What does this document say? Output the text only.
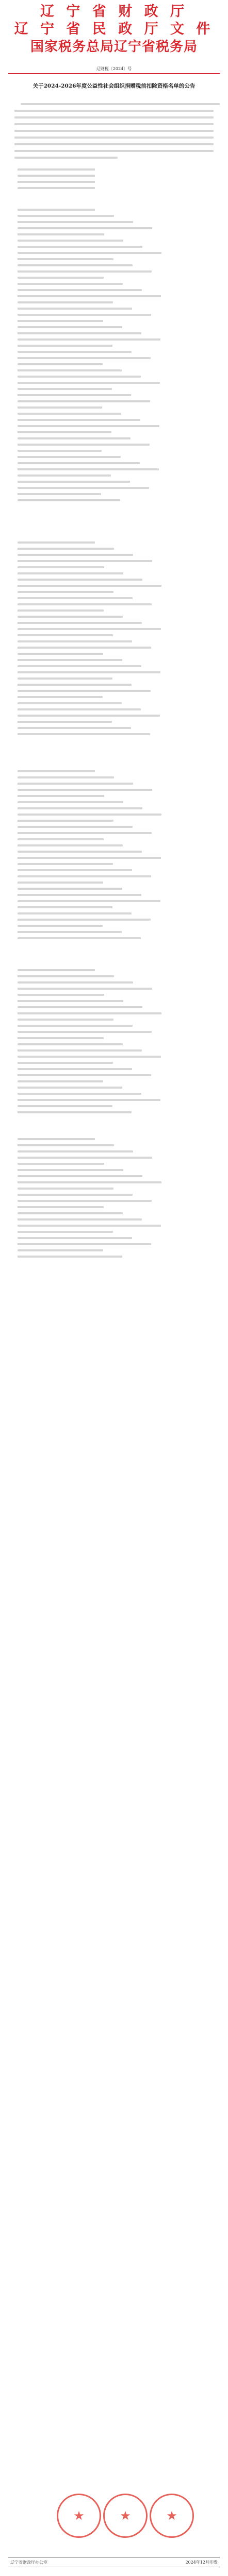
辽 宁 省 财 政 厅
辽 宁 省 民 政 厅 文 件
国家税务总局辽宁省税务局
辽财税〔2024〕号
关于2024-2026年度公益性社会组织捐赠税前扣除资格名单的公告
★
★
★
辽宁省财政厅办公室	2024年12月印发
